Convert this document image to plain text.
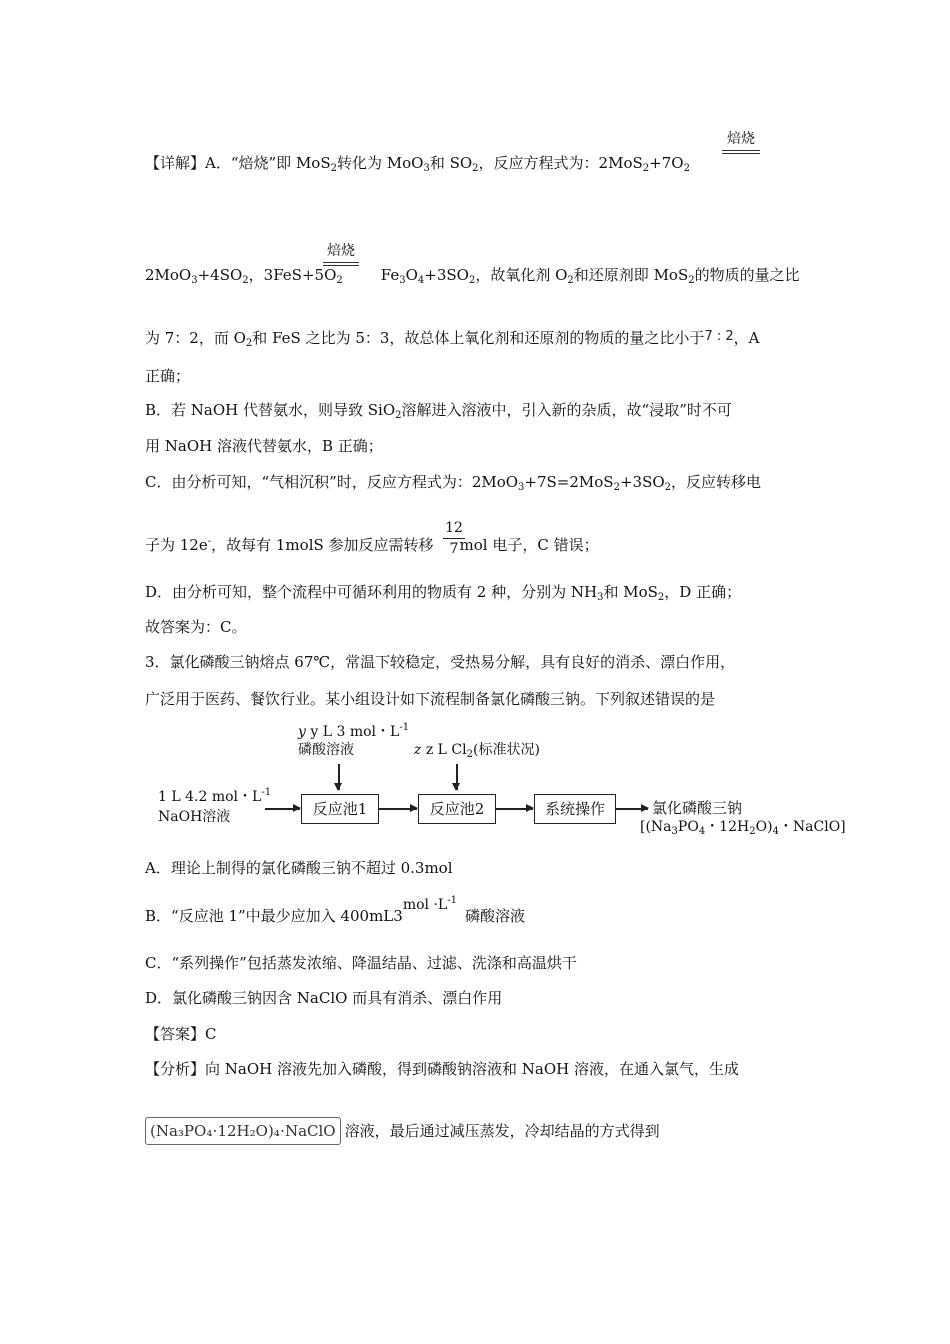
【详解】A．“焙烧”即 MoS$_2$转化为 MoO$_3$和 $SO_2$，反应方程式为：$2MoS_2+7O_2$
焙烧
$2MoO_3+4SO_2$，$3FeS+5O_2$	$Fe_3O_4+3SO_2$，故氧化剂 $O_2$和还原剂即 MoS$_2$的物质的量之比
焙烧
为 7：2，而 $O_2$和 FeS 之比为 5：3，故总体上氧化剂和还原剂的物质的量之比小于7 : 2，A
正确；
B．若 NaOH 代替氨水，则导致 SiO$_2$溶解进入溶液中，引入新的杂质，故“浸取”时不可
用 NaOH 溶液代替氨水，B 正确；
C．由分析可知，“气相沉积”时，反应方程式为：$2MoO_3+7S=2MoS_2+3SO_2$，反应转移电
子为 12e-，故每有 1molS 参加反应需转移 mol 电子，C 错误；
$\frac{12}{7}$
D．由分析可知，整个流程中可循环利用的物质有 2 种，分别为 $NH_3$和 MoS$_2$，D 正确；
故答案为：C。
3．氯化磷酸三钠熔点 67℃，常温下较稳定，受热易分解，具有良好的消杀、漂白作用，
广泛用于医药、餐饮行业。某小组设计如下流程制备氯化磷酸三钠。下列叙述错误的是
y y L 3 mol・$L^{-1}$
磷酸溶液	z z L $Cl_2$(标准状况)
1 L 4.2 mol・$L^{-1}$
NaOH溶液	反应池1	反应池2	系统操作	氯化磷酸三钠
[($Na_3PO_4$・$12H_2O)_4$・NaClO]
A．理论上制得的氯化磷酸三钠不超过 0.3mol
B．“反应池 1”中最少应加入 $400mL3mol \cdot L^{-1}$磷酸溶液
C．“系列操作”包括蒸发浓缩、降温结晶、过滤、洗涤和高温烘干
D．氯化磷酸三钠因含 NaClO 而具有消杀、漂白作用
【答案】C
【分析】向 NaOH 溶液先加入磷酸，得到磷酸钠溶液和 NaOH 溶液，在通入氯气，生成
(Na₃PO₄⋅12H₂O)₄⋅NaClO 溶液，最后通过减压蒸发，冷却结晶的方式得到
